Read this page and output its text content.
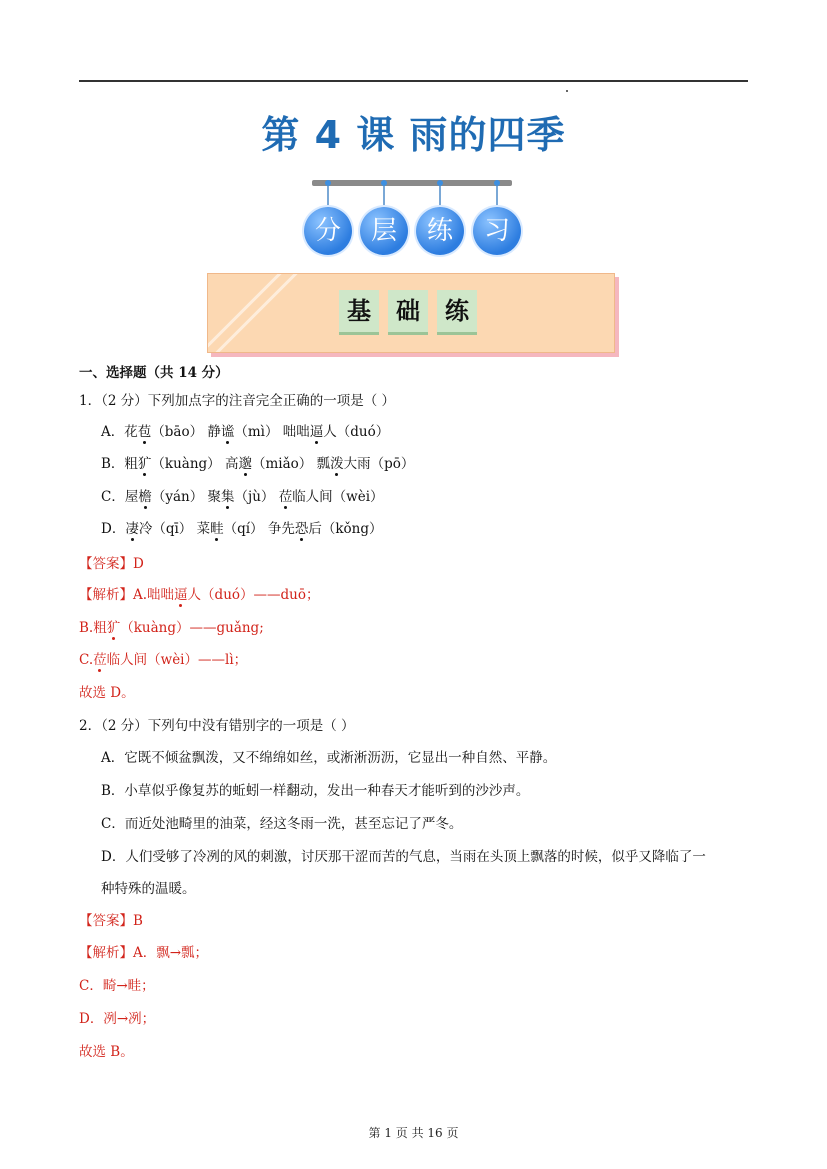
第 4 课 雨的四季
分	层	练	习
基	础	练
一、选择题（共 14 分）
1．（2 分）下列加点字的注音完全正确的一项是（ ）
A．花苞（bāo） 静谧（mì） 咄咄逼人（duó）
B．粗犷（kuàng） 高邈（miǎo） 瓢泼大雨（pō）
C．屋檐（yán） 聚集（jù） 莅临人间（wèi）
D．凄冷（qī） 菜畦（qí） 争先恐后（kǒng）
【答案】D
【解析】A.咄咄逼人（duó）——duō；
B.粗犷（kuàng）——guǎng;
C.莅临人间（wèi）——lì；
故选 D。
2．（2 分）下列句中没有错别字的一项是（ ）
A．它既不倾盆飘泼，又不绵绵如丝，或淅淅沥沥，它显出一种自然、平静。
B．小草似乎像复苏的蚯蚓一样翻动，发出一种春天才能听到的沙沙声。
C．而近处池畸里的油菜，经这冬雨一洗，甚至忘记了严冬。
D．人们受够了冷冽的风的刺激，讨厌那干涩而苦的气息，当雨在头顶上飘落的时候，似乎又降临了一
种特殊的温暖。
【答案】B
【解析】A．飘→瓢；
C．畸→畦；
D．冽→冽；
故选 B。
第 1 页 共 16 页
